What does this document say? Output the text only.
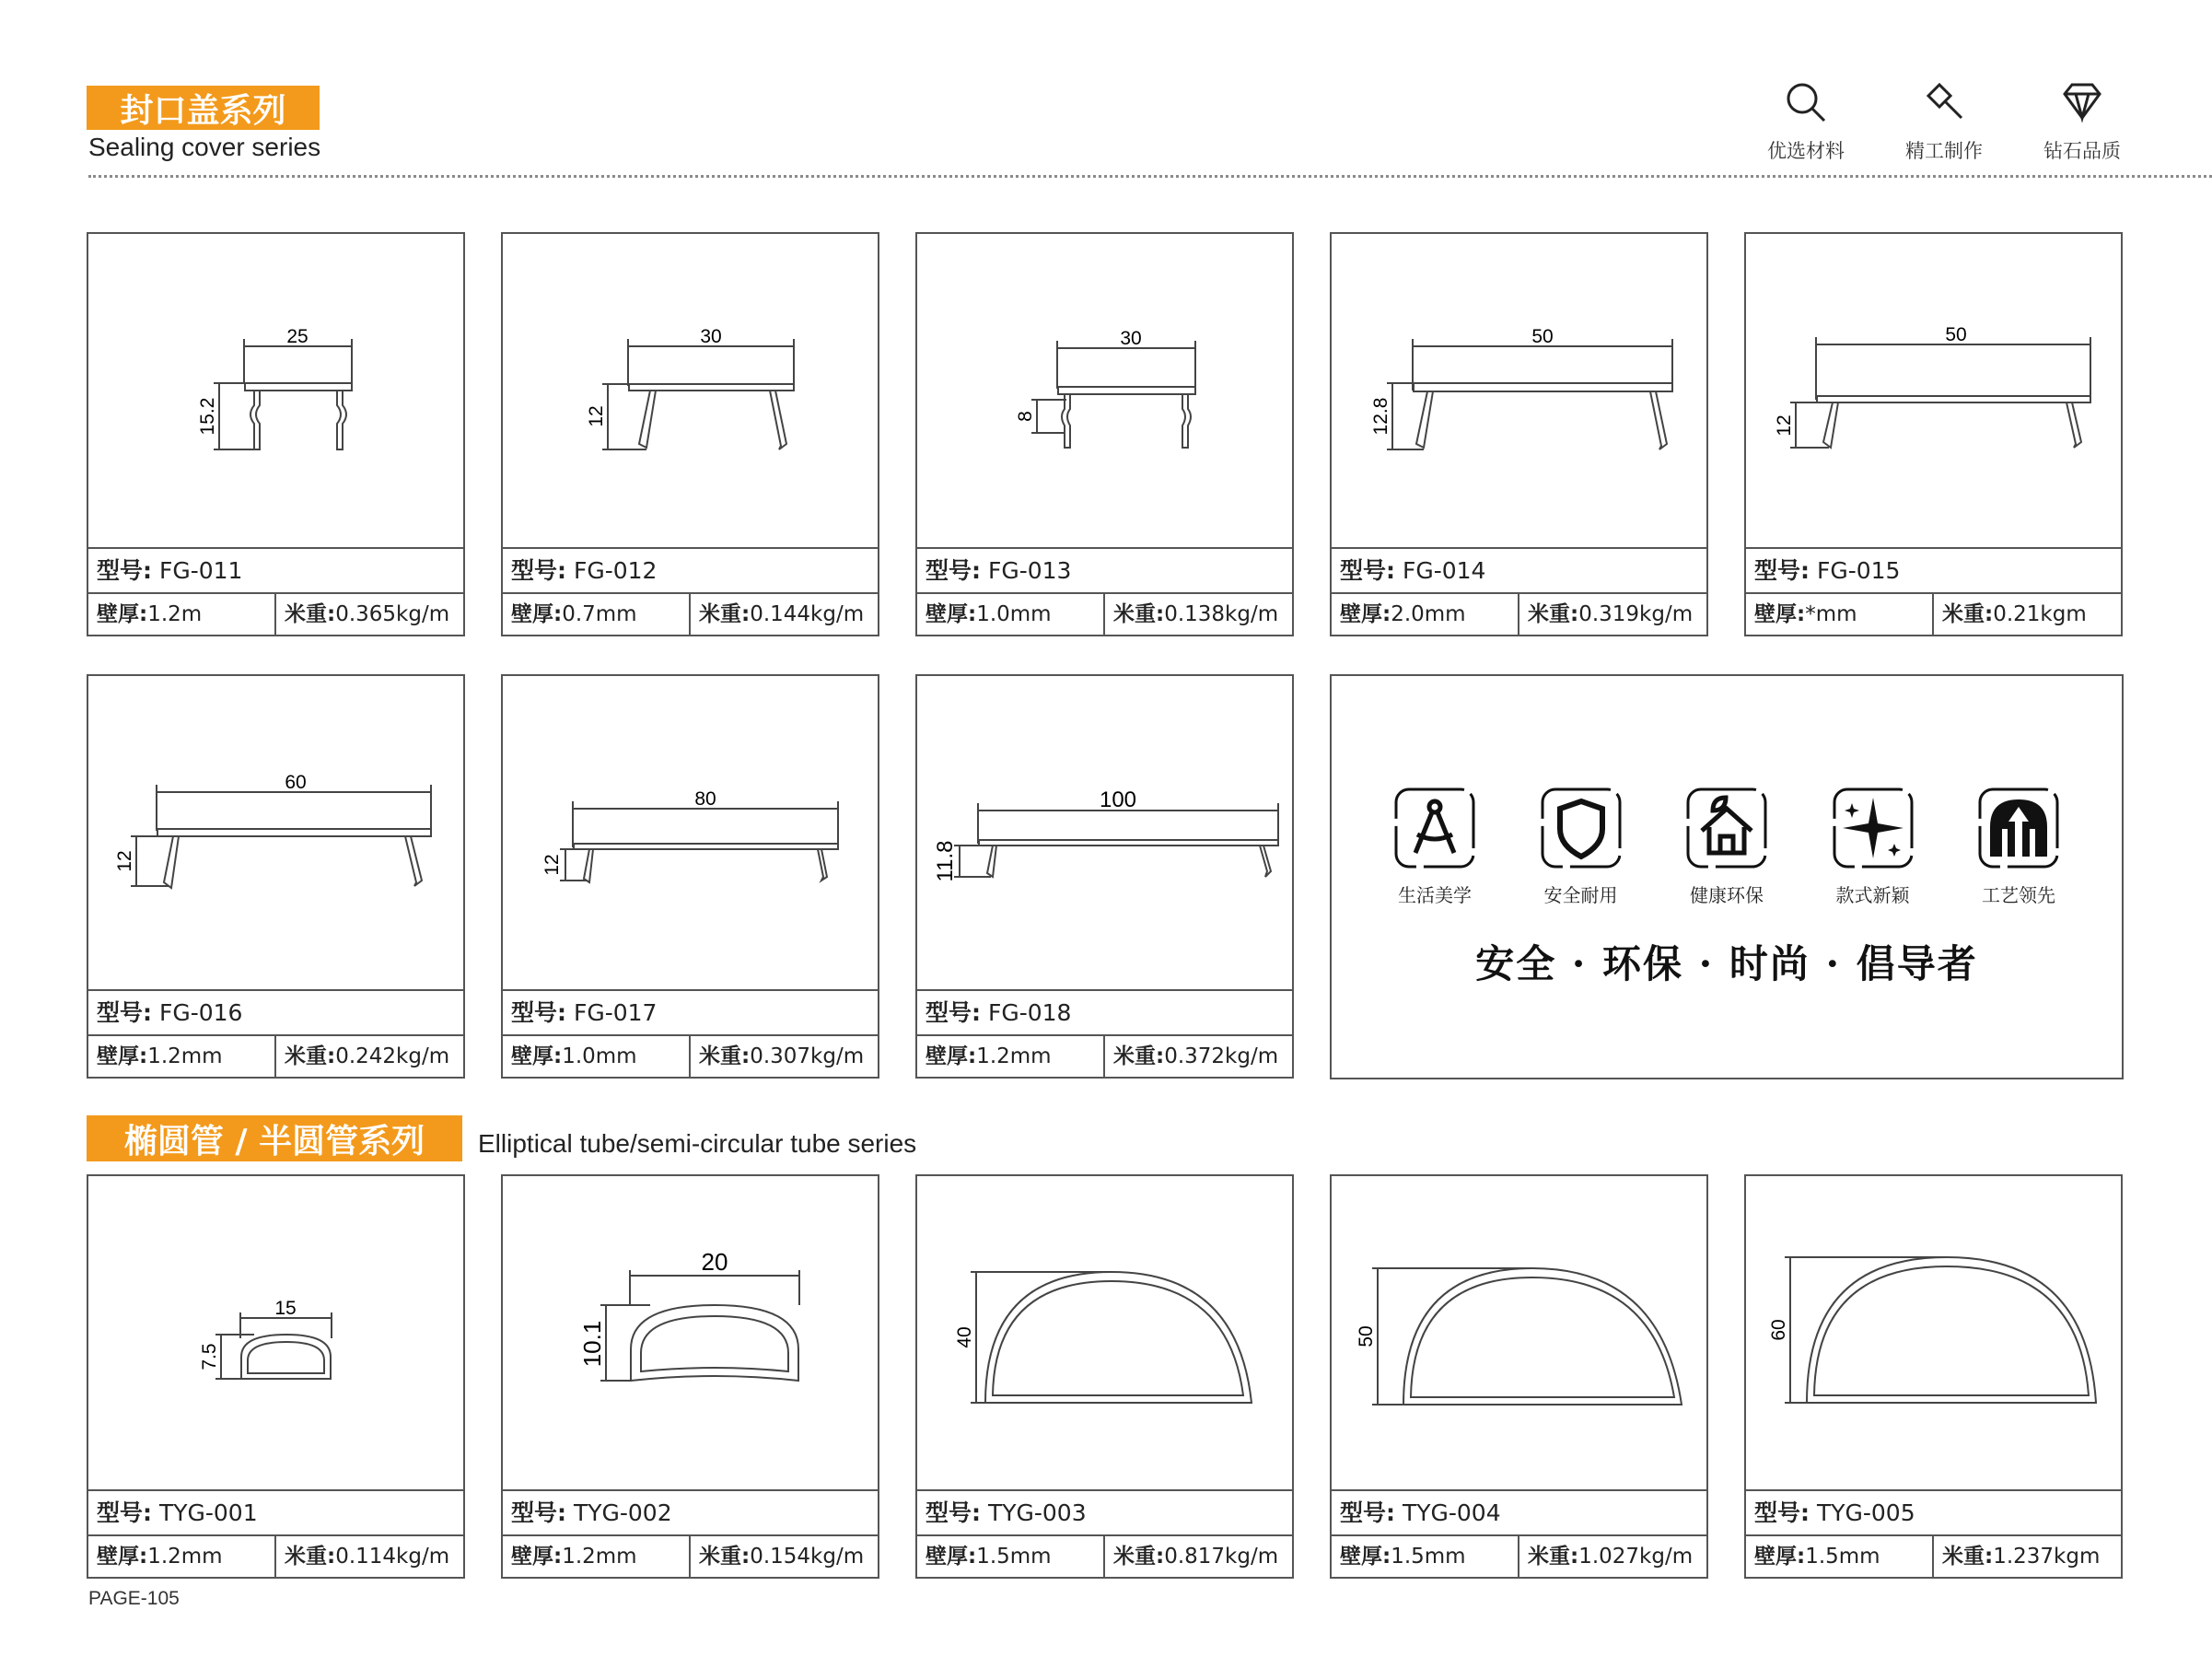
封口盖系列
Sealing cover series	优选材料	精工制作	钻石品质
25
15.2
型号: FG-011
壁厚:1.2m	米重:0.365kg/m
30
12
型号: FG-012
壁厚:0.7mm	米重:0.144kg/m
30
8
型号: FG-013
壁厚:1.0mm	米重:0.138kg/m
50
12.8
型号: FG-014
壁厚:2.0mm	米重:0.319kg/m
50
12
型号: FG-015
壁厚:*mm	米重:0.21kgm
60
12
型号: FG-016
壁厚:1.2mm	米重:0.242kg/m
80
12
型号: FG-017
壁厚:1.0mm	米重:0.307kg/m
100
11.8
型号: FG-018
壁厚:1.2mm	米重:0.372kg/m
生活美学	安全耐用	健康环保	款式新颖	工艺领先
安全 · 环保 · 时尚 · 倡导者
椭圆管 / 半圆管系列	Elliptical tube/semi-circular tube series
15
7.5
型号: TYG-001
壁厚:1.2mm	米重:0.114kg/m
20
10.1
型号: TYG-002
壁厚:1.2mm	米重:0.154kg/m
40
型号: TYG-003
壁厚:1.5mm	米重:0.817kg/m
50
型号: TYG-004
壁厚:1.5mm	米重:1.027kg/m
60
型号: TYG-005
壁厚:1.5mm	米重:1.237kgm
PAGE-105
